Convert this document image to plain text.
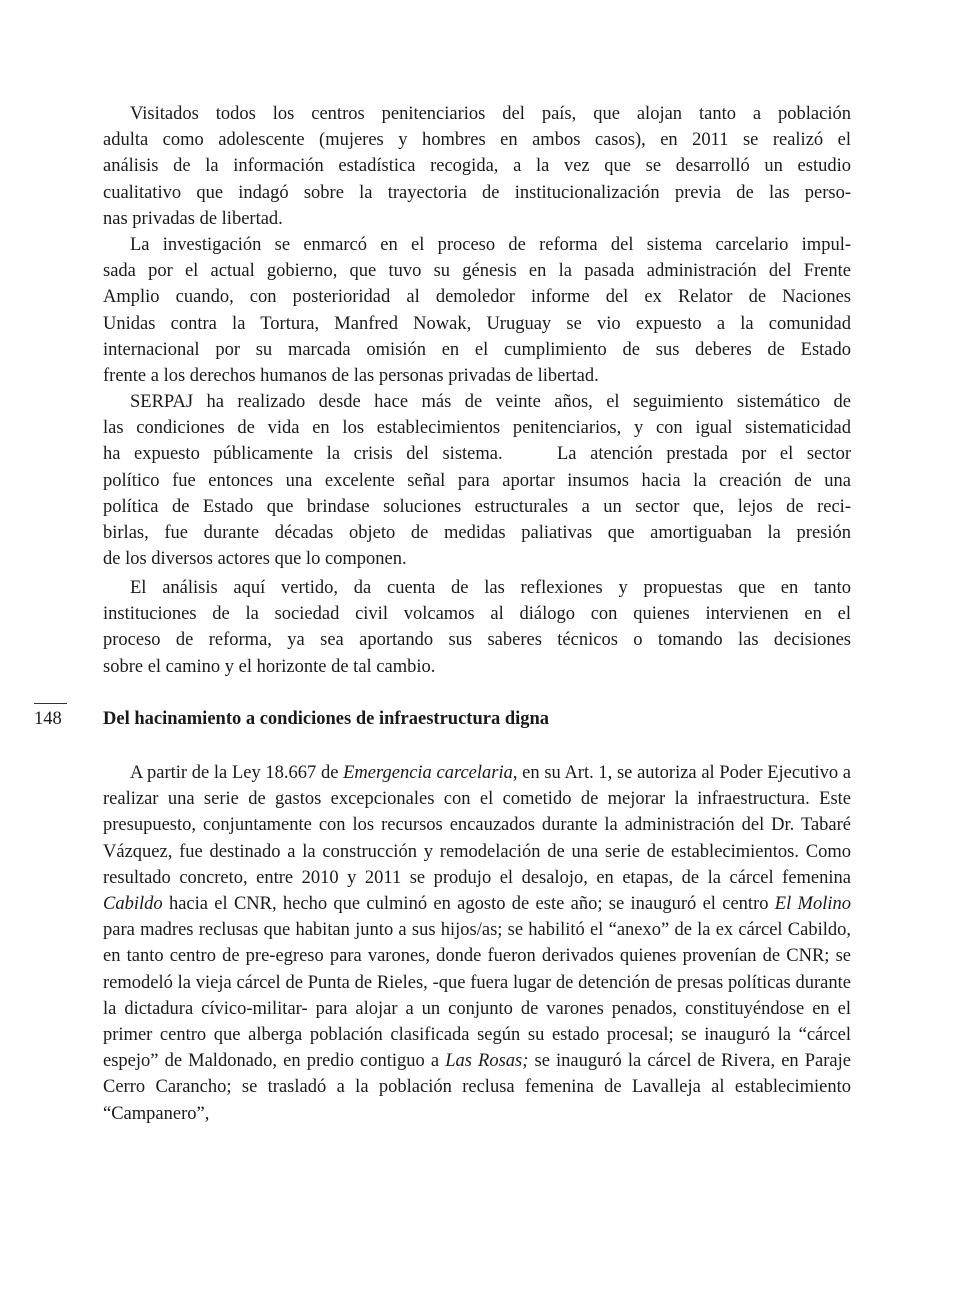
Visitados todos los centros penitenciarios del país, que alojan tanto a población
adulta como adolescente (mujeres y hombres en ambos casos), en 2011 se realizó el
análisis de la información estadística recogida, a la vez que se desarrolló un estudio
cualitativo que indagó sobre la trayectoria de institucionalización previa de las perso-
nas privadas de libertad.
La investigación se enmarcó en el proceso de reforma del sistema carcelario impul-
sada por el actual gobierno, que tuvo su génesis en la pasada administración del Frente
Amplio cuando, con posterioridad al demoledor informe del ex Relator de Naciones
Unidas contra la Tortura, Manfred Nowak, Uruguay se vio expuesto a la comunidad
internacional por su marcada omisión en el cumplimiento de sus deberes de Estado
frente a los derechos humanos de las personas privadas de libertad.
SERPAJ ha realizado desde hace más de veinte años, el seguimiento sistemático de
las condiciones de vida en los establecimientos penitenciarios, y con igual sistematicidad
ha expuesto públicamente la crisis del sistema.    La atención prestada por el sector
político fue entonces una excelente señal para aportar insumos hacia la creación de una
política de Estado que brindase soluciones estructurales a un sector que, lejos de reci-
birlas, fue durante décadas objeto de medidas paliativas que amortiguaban la presión
de los diversos actores que lo componen.
El análisis aquí vertido, da cuenta de las reflexiones y propuestas que en tanto
instituciones de la sociedad civil volcamos al diálogo con quienes intervienen en el
proceso de reforma, ya sea aportando sus saberes técnicos o tomando las decisiones
sobre el camino y el horizonte de tal cambio.
148 Del hacinamiento a condiciones de infraestructura digna
A partir de la Ley 18.667 de Emergencia carcelaria, en su Art. 1, se autoriza al Poder Ejecutivo a realizar una serie de gastos excepcionales con el cometido de mejorar la infraestructura. Este presupuesto, conjuntamente con los recursos encauzados durante la administración del Dr. Tabaré Vázquez, fue destinado a la construcción y remodelación de una serie de establecimientos. Como resultado concreto, entre 2010 y 2011 se produjo el desalojo, en etapas, de la cárcel femenina Cabildo hacia el CNR, hecho que culminó en agosto de este año; se inauguró el centro El Molino para madres reclusas que habitan junto a sus hijos/as; se habilitó el “anexo” de la ex cárcel Cabildo, en tanto centro de pre-egreso para varones, donde fueron derivados quienes provenían de CNR; se remodeló la vieja cárcel de Punta de Rieles, -que fuera lugar de detención de presas políticas durante la dictadura cívico-militar- para alojar a un conjunto de varones penados, constituyéndose en el primer centro que alberga población clasificada según su estado procesal; se inauguró la “cárcel espejo” de Maldonado, en predio contiguo a Las Rosas; se inauguró la cárcel de Rivera, en Paraje Cerro Carancho; se trasladó a la población reclusa femenina de Lavalleja al establecimiento “Campanero”,
